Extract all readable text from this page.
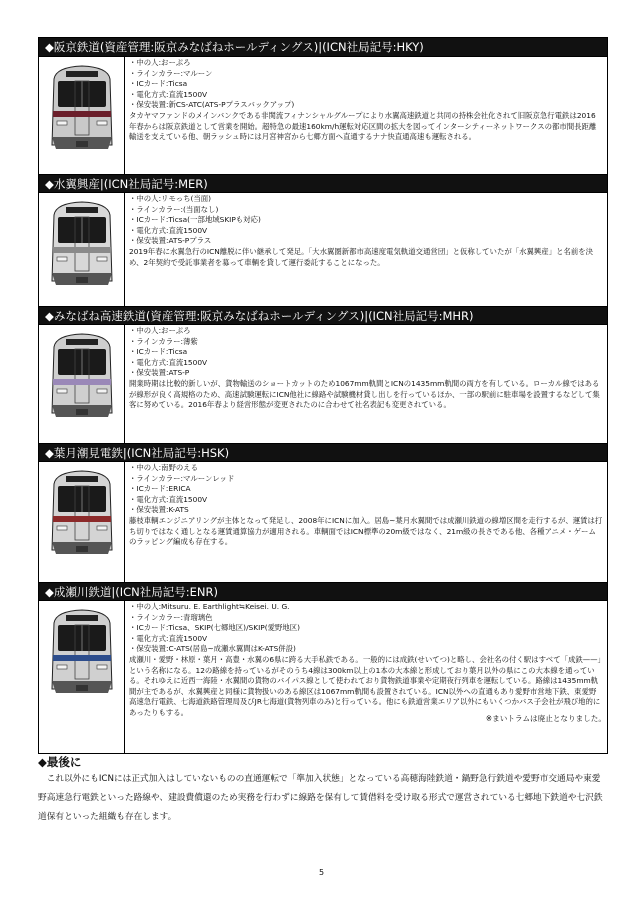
◆阪京鉄道(資産管理:阪京みなばねホールディングス)|(ICN社局記号:HKY)
・中の人:おーぷろ
・ラインカラー:マルーン
・ICカード:Ticsa
・電化方式:直流1500V
・保安装置:新CS-ATC(ATS-Pプラスバックアップ)
タカヤマファンドのメインバンクである非関流フィナンシャルグループにより水翼高速鉄道と共同の持株会社化されて旧阪京急行電鉄は2016年春からは阪京鉄道として営業を開始。超特急の最速160km/h運転対応区間の拡大を図ってインターシティーネットワークスの都市間長距離輸送を支えている他、朝ラッシュ時には月宮神宮から七郷方面へ直通するナナ快直通高速も運転される。
◆水翼興産|(ICN社局記号:MER)
・中の人:リモっち(当面)
・ラインカラー:(当面なし)
・ICカード:Ticsa(一部地域SKIPも対応)
・電化方式:直流1500V
・保安装置:ATS-Pプラス
2019年春に水翼急行のICN離脱に伴い継承して発足。「大水翼圏新都市高速度電気軌道交通営団」と仮称していたが「水翼興産」と名前を決め、2年契約で受託事業者を募って車輌を貸して運行委託することになった。
◆みなばね高速鉄道(資産管理:阪京みなばねホールディングス)|(ICN社局記号:MHR)
・中の人:おーぷろ
・ラインカラー:薄紫
・ICカード:Ticsa
・電化方式:直流1500V
・保安装置:ATS-P
開業時期は比較的新しいが、貨物輸送のショートカットのため1067mm軌間とICNの1435mm軌間の両方を有している。ローカル線ではあるが線形が良く高規格のため、高速試験運転にICN他社に線路や試験機材貸し出しを行っているほか、一部の駅前に駐車場を設置するなどして集客に努めている。2016年春より経営形態が変更されたのに合わせて社名表記も変更されている。
◆葉月潮見電鉄|(ICN社局記号:HSK)
・中の人:南野のえる
・ラインカラー:マルーンレッド
・ICカード:ERICA
・電化方式:直流1500V
・保安装置:K-ATS
藤枝車輌エンジニアリングが主体となって発足し、2008年にICNに加入。居島~葉月水翼間では成瀬川鉄道の線増区間を走行するが、運賃は打ち切りではなく通しとなる運賃通算協力が適用される。車輌面ではICN標準の20m級ではなく、21m級の長さである他、各種アニメ・ゲームのラッピング編成も存在する。
◆成瀬川鉄道|(ICN社局記号:ENR)
・中の人:Mitsuru. E. Earthlight≒Keisei. U. G.
・ラインカラー:青瑠璃色
・ICカード:Ticsa、SKIP(七郷地区)/SKIP(愛野地区)
・電化方式:直流1500V
・保安装置:C-ATS(居島~成瀬水翼間はK-ATS併設)
成瀬川・愛野・林原・葉月・高豊・水翼の6県に跨る大手私鉄である。一般的には成鉄(せいてつ)と略し、会社名の付く駅はすべて「成鉄——」という名称になる。12の路線を持っているがそのうち4線は300km以上の1本の大本線と形成しており葉月以外の県にこの大本線を通っている。それゆえに近西一海陸・水翼間の貨物のバイパス線として使われており貨物鉄道事業や定期夜行列車を運転している。路線は1435mm軌間が主であるが、水翼興産と同様に貨物扱いのある線区は1067mm軌間も設置されている。ICN以外への直通もあり愛野市営地下鉄、東愛野高速急行電鉄、七海道鉄路管理局及びJR七海道(貨物列車のみ)と行っている。他にも鉄道営業エリア以外にもいくつかバス子会社が飛び地的にあったりもする。
※まいトラムは廃止となりました。
◆最後に
これ以外にもICNには正式加入はしていないものの直通運転で「準加入状態」となっている高穂海陸鉄道・鍋野急行鉄道や愛野市交通局や東愛野高速急行電鉄といった路線や、建設費償還のため実務を行わずに線路を保有して賃借料を受け取る形式で運営されている七郷地下鉄道や七沢鉄道保有といった組織も存在します。
5
